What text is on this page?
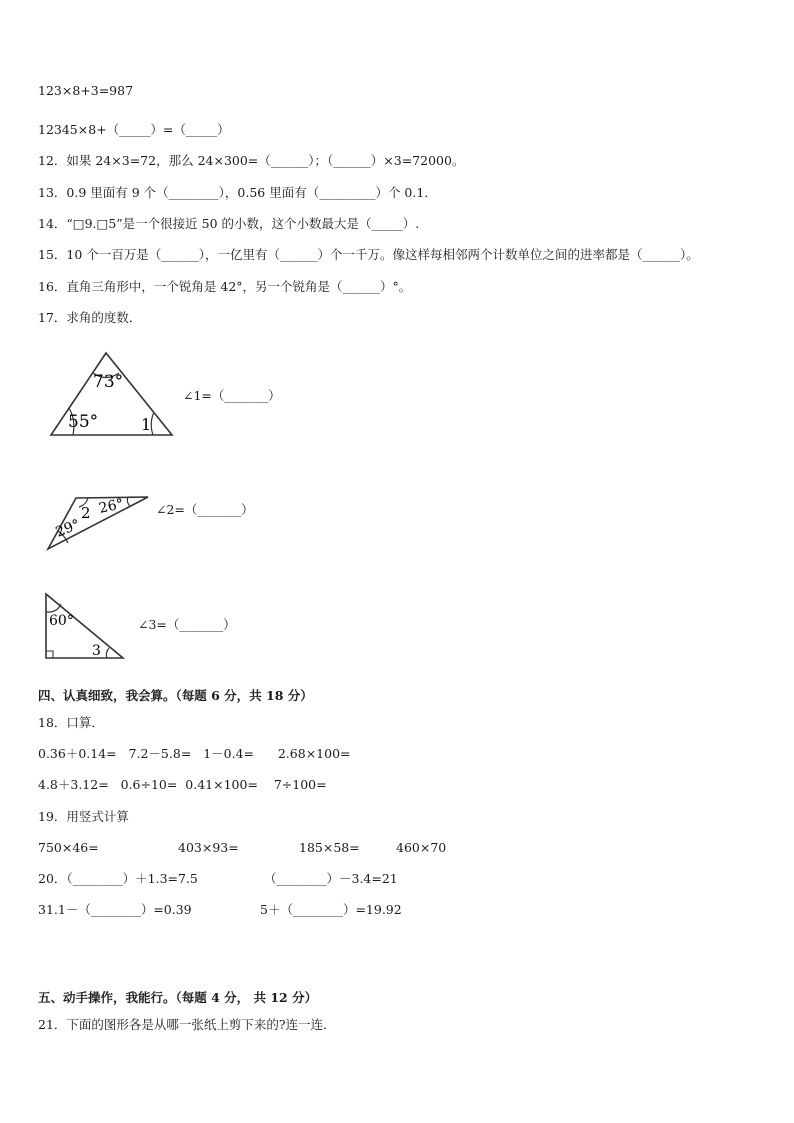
123×8+3=987
12345×8+（_____）=（_____）
12．如果 24×3=72，那么 24×300=（______）；（______）×3=72000。
13．0.9 里面有 9 个（________），0.56 里面有（_________）个 0.1．
14．“□9.□5”是一个很接近 50 的小数，这个小数最大是（_____）.
15．10 个一百万是（______），一亿里有（______）个一千万。像这样每相邻两个计数单位之间的进率都是（______）。
16．直角三角形中，一个锐角是 42°，另一个锐角是（______）°。
17．求角的度数．
73°
55°	1
∠1=（_______）
29°
2 26° ∠2=（_______）
60°
3
∠3=（_______）
四、认真细致，我会算。（每题 6 分，共 18 分）
18．口算．
0.36＋0.14=   7.2－5.8=   1－0.4=      2.68×100=
4.8＋3.12=   0.6÷10=  0.41×100=    7÷100=
19．用竖式计算
750×46=	403×93=	185×58=	460×70
20．（________）＋1.3=7.5	（________）－3.4=21
31.1－（________）=0.39	5＋（________）=19.92
五、动手操作，我能行。（每题 4 分， 共 12 分）
21．下面的图形各是从哪一张纸上剪下来的?连一连．
